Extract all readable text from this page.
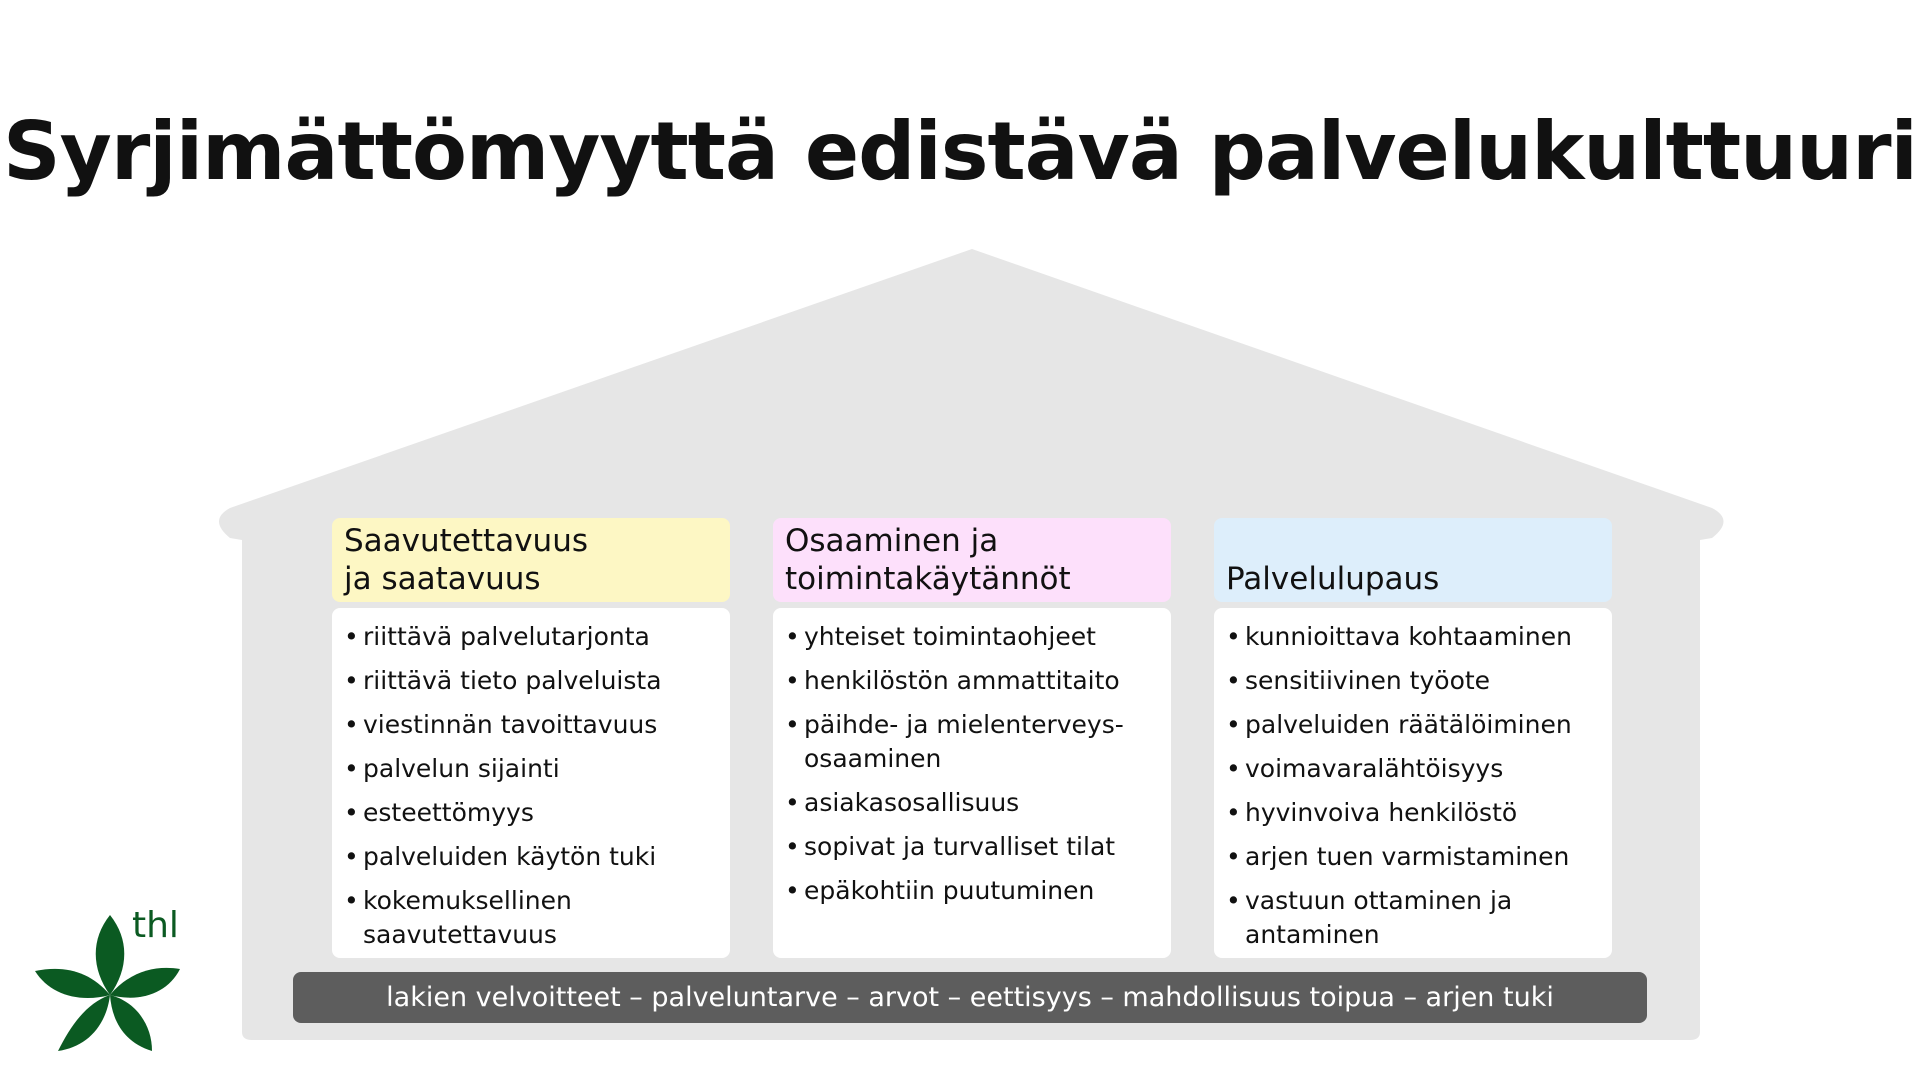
Syrjimättömyyttä edistävä palvelukulttuuri
Saavutettavuus
ja saatavuus
• riittävä palvelutarjonta
• riittävä tieto palveluista
• viestinnän tavoittavuus
• palvelun sijainti
• esteettömyys
• palveluiden käytön tuki
• kokemuksellinen saavutettavuus
Osaaminen ja
toimintakäytännöt
• yhteiset toimintaohjeet
• henkilöstön ammattitaito
• päihde- ja mielenterveys-osaaminen
• asiakasosallisuus
• sopivat ja turvalliset tilat
• epäkohtiin puutuminen
Palvelulupaus
• kunnioittava kohtaaminen
• sensitiivinen työote
• palveluiden räätälöiminen
• voimavaralähtöisyys
• hyvinvoiva henkilöstö
• arjen tuen varmistaminen
• vastuun ottaminen ja antaminen
lakien velvoitteet – palveluntarve – arvot – eettisyys – mahdollisuus toipua – arjen tuki
thl
